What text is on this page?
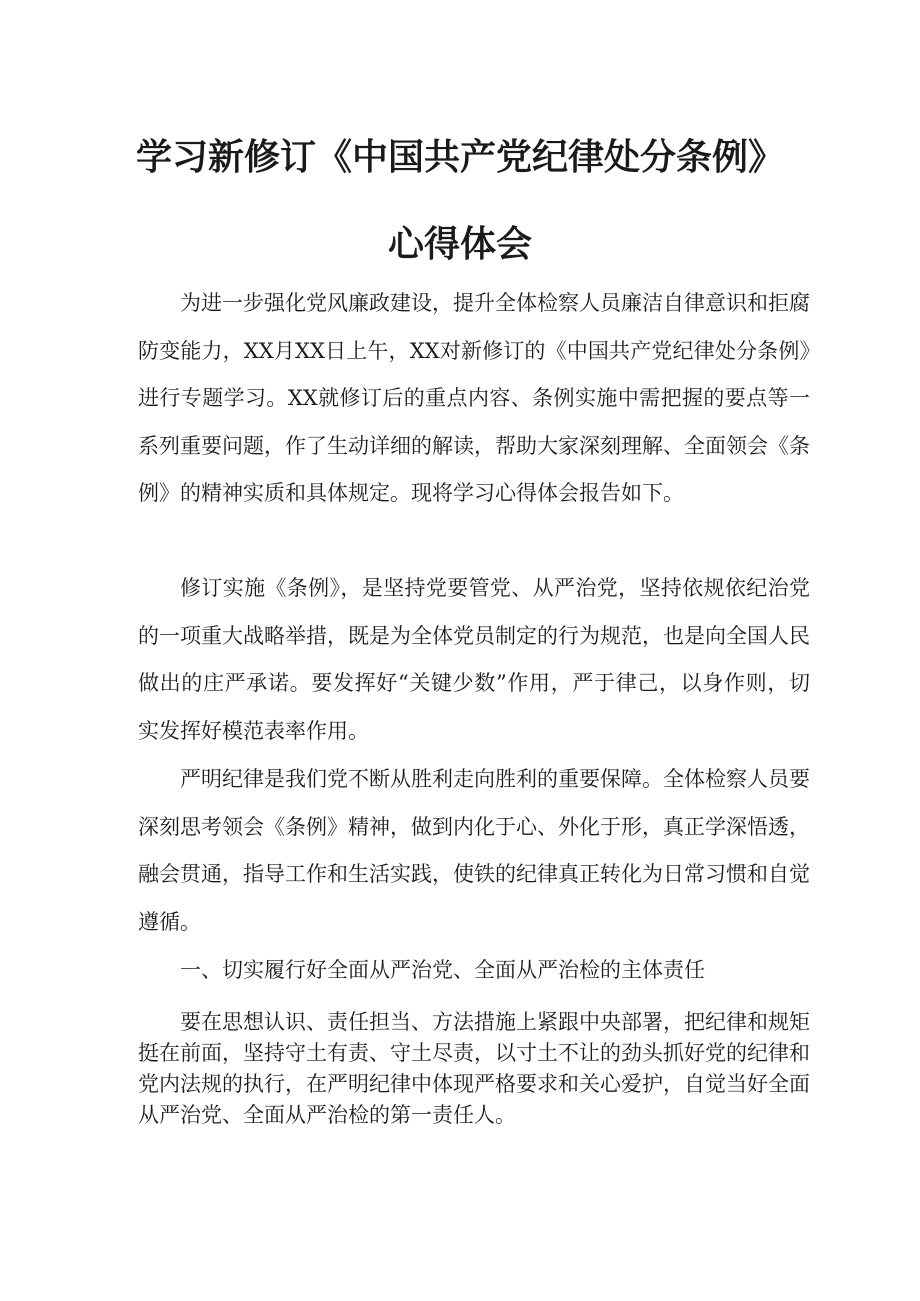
学习新修订《中国共产党纪律处分条例》
心得体会

为进一步强化党风廉政建设，提升全体检察人员廉洁自律意识和拒腐防变能力，XX月XX日上午，XX对新修订的《中国共产党纪律处分条例》进行专题学习。XX就修订后的重点内容、条例实施中需把握的要点等一系列重要问题，作了生动详细的解读，帮助大家深刻理解、全面领会《条例》的精神实质和具体规定。现将学习心得体会报告如下。

修订实施《条例》，是坚持党要管党、从严治党，坚持依规依纪治党的一项重大战略举措，既是为全体党员制定的行为规范，也是向全国人民做出的庄严承诺。要发挥好“关键少数”作用，严于律己，以身作则，切实发挥好模范表率作用。

严明纪律是我们党不断从胜利走向胜利的重要保障。全体检察人员要深刻思考领会《条例》精神，做到内化于心、外化于形，真正学深悟透，融会贯通，指导工作和生活实践，使铁的纪律真正转化为日常习惯和自觉遵循。

一、切实履行好全面从严治党、全面从严治检的主体责任

要在思想认识、责任担当、方法措施上紧跟中央部署，把纪律和规矩挺在前面，坚持守土有责、守土尽责，以寸土不让的劲头抓好党的纪律和党内法规的执行，在严明纪律中体现严格要求和关心爱护，自觉当好全面从严治党、全面从严治检的第一责任人。
